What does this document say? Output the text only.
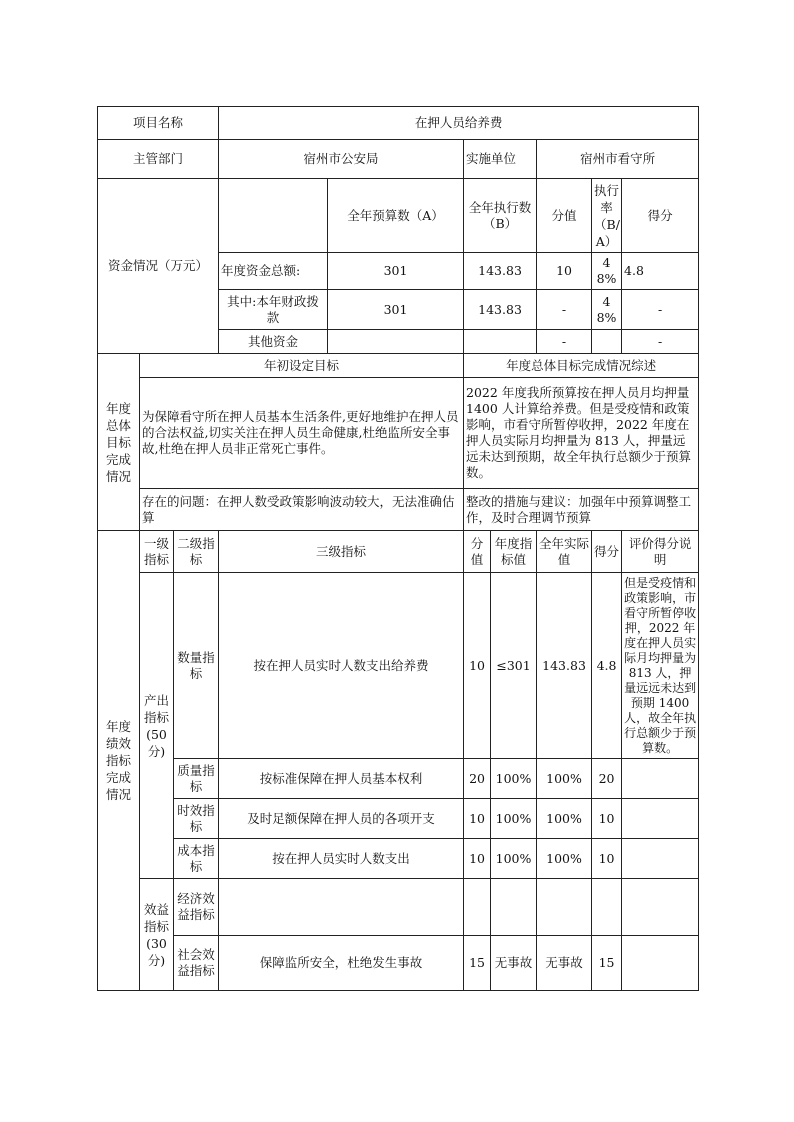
项目名称			在押人员给养费						
主管部门			宿州市公安局		实施单位		宿州市看守所		
资金情况（万元）				全年预算数（A）	全年执行数（B）		分值	执行率（B/A）	得分
			年度资金总额:	301	143.83		10	48%	4.8
			其中:本年财政拨款	301	143.83		-	48%	-
			其他资金				-		-
年度总体目标完成情况	年初设定目标				年度总体目标完成情况综述				
	为保障看守所在押人员基本生活条件,更好地维护在押人员的合法权益,切实关注在押人员生命健康,杜绝监所安全事故,杜绝在押人员非正常死亡事件。				2022 年度我所预算按在押人员月均押量 1400 人计算给养费。但是受疫情和政策影响，市看守所暂停收押，2022 年度在押人员实际月均押量为 813 人，押量远远未达到预期，故全年执行总额少于预算数。				
	存在的问题：在押人数受政策影响波动较大，无法准确估算				整改的措施与建议：加强年中预算调整工作，及时合理调节预算				
年度绩效指标完成情况	一级指标	二级指标	三级指标		分值	年度指标值	全年实际值	得分	评价得分说明
	产出指标(50分)	数量指标	按在押人员实时人数支出给养费		10	≤301	143.83	4.8	但是受疫情和政策影响，市看守所暂停收押，2022 年度在押人员实际月均押量为 813 人，押量远远未达到预期 1400 人，故全年执行总额少于预算数。
		质量指标	按标准保障在押人员基本权利		20	100%	100%	20	
		时效指标	及时足额保障在押人员的各项开支		10	100%	100%	10	
		成本指标	按在押人员实时人数支出		10	100%	100%	10	
	效益指标(30分)	经济效益指标							
		社会效益指标	保障监所安全，杜绝发生事故		15	无事故	无事故	15	
